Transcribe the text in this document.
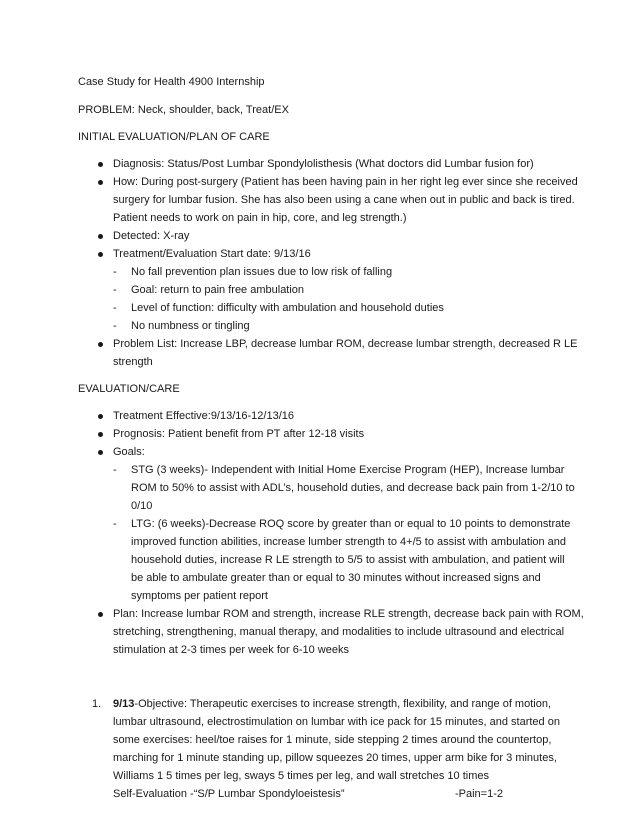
Case Study for Health 4900 Internship
PROBLEM: Neck, shoulder, back, Treat/EX
INITIAL EVALUATION/PLAN OF CARE
Diagnosis: Status/Post Lumbar Spondylolisthesis (What doctors did Lumbar fusion for)
How: During post-surgery (Patient has been having pain in her right leg ever since she received
surgery for lumbar fusion. She has also been using a cane when out in public and back is tired.
Patient needs to work on pain in hip, core, and leg strength.)
Detected: X-ray
Treatment/Evaluation Start date: 9/13/16
- No fall prevention plan issues due to low risk of falling
- Goal: return to pain free ambulation
- Level of function: difficulty with ambulation and household duties
- No numbness or tingling
Problem List: Increase LBP, decrease lumbar ROM, decrease lumbar strength, decreased R LE
strength
EVALUATION/CARE
Treatment Effective:9/13/16-12/13/16
Prognosis: Patient benefit from PT after 12-18 visits
Goals:
- STG (3 weeks)- Independent with Initial Home Exercise Program (HEP), Increase lumbar
ROM to 50% to assist with ADL’s, household duties, and decrease back pain from 1-2/10 to
0/10
- LTG: (6 weeks)-Decrease ROQ score by greater than or equal to 10 points to demonstrate
improved function abilities, increase lumber strength to 4+/5 to assist with ambulation and
household duties, increase R LE strength to 5/5 to assist with ambulation, and patient will
be able to ambulate greater than or equal to 30 minutes without increased signs and
symptoms per patient report
Plan: Increase lumbar ROM and strength, increase RLE strength, decrease back pain with ROM,
stretching, strengthening, manual therapy, and modalities to include ultrasound and electrical
stimulation at 2-3 times per week for 6-10 weeks
1. 9/13-Objective: Therapeutic exercises to increase strength, flexibility, and range of motion,
lumbar ultrasound, electrostimulation on lumbar with ice pack for 15 minutes, and started on
some exercises: heel/toe raises for 1 minute, side stepping 2 times around the countertop,
marching for 1 minute standing up, pillow squeezes 20 times, upper arm bike for 3 minutes,
Williams 1 5 times per leg, sways 5 times per leg, and wall stretches 10 times
Self-Evaluation -“S/P Lumbar Spondyloeistesis”	-Pain=1-2
